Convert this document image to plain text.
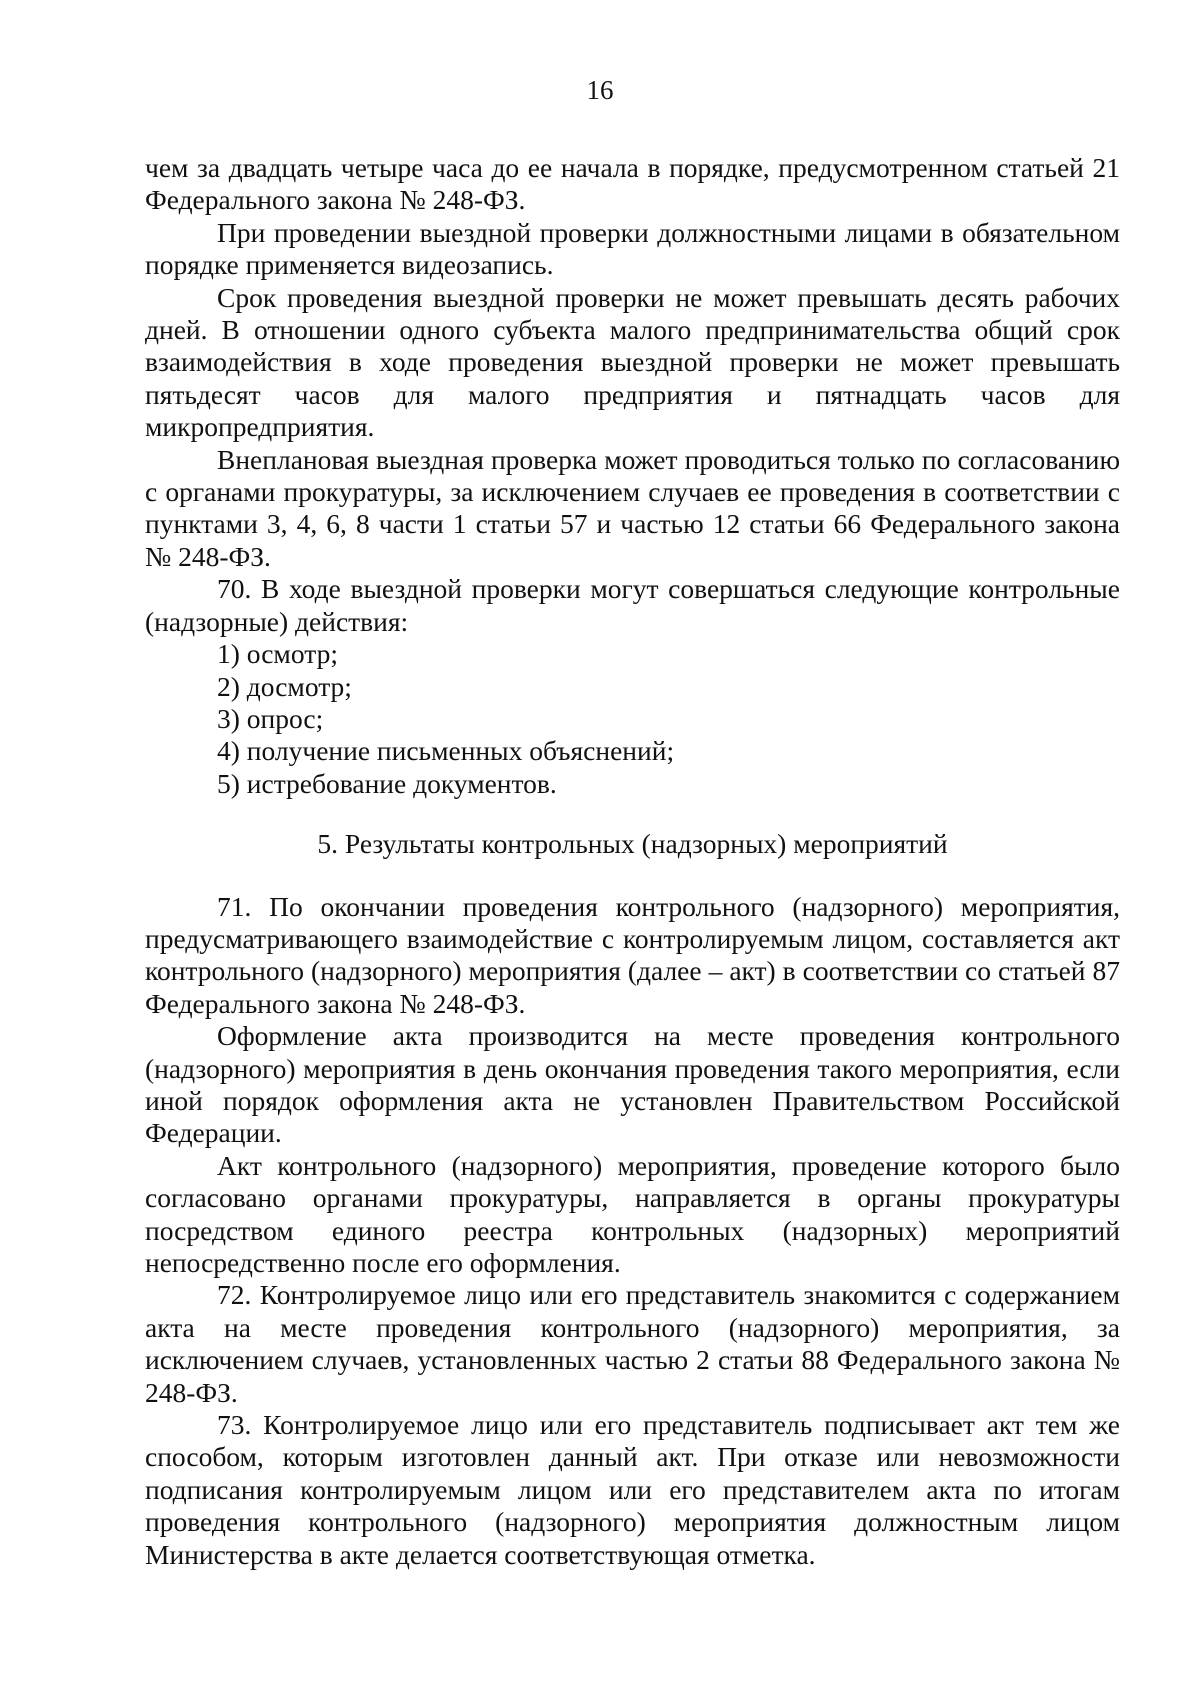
16

чем за двадцать четыре часа до ее начала в порядке, предусмотренном статьей 21 Федерального закона № 248-ФЗ.

При проведении выездной проверки должностными лицами в обязательном порядке применяется видеозапись.

Срок проведения выездной проверки не может превышать десять рабочих дней. В отношении одного субъекта малого предпринимательства общий срок взаимодействия в ходе проведения выездной проверки не может превышать пятьдесят часов для малого предприятия и пятнадцать часов для микропредприятия.

Внеплановая выездная проверка может проводиться только по согласованию с органами прокуратуры, за исключением случаев ее проведения в соответствии с пунктами 3, 4, 6, 8 части 1 статьи 57 и частью 12 статьи 66 Федерального закона № 248-ФЗ.

70. В ходе выездной проверки могут совершаться следующие контрольные (надзорные) действия:

1) осмотр;

2) досмотр;

3) опрос;

4) получение письменных объяснений;

5) истребование документов.

5. Результаты контрольных (надзорных) мероприятий

71. По окончании проведения контрольного (надзорного) мероприятия, предусматривающего взаимодействие с контролируемым лицом, составляется акт контрольного (надзорного) мероприятия (далее – акт) в соответствии со статьей 87 Федерального закона № 248-ФЗ.

Оформление акта производится на месте проведения контрольного (надзорного) мероприятия в день окончания проведения такого мероприятия, если иной порядок оформления акта не установлен Правительством Российской Федерации.

Акт контрольного (надзорного) мероприятия, проведение которого было согласовано органами прокуратуры, направляется в органы прокуратуры посредством единого реестра контрольных (надзорных) мероприятий непосредственно после его оформления.

72. Контролируемое лицо или его представитель знакомится с содержанием акта на месте проведения контрольного (надзорного) мероприятия, за исключением случаев, установленных частью 2 статьи 88 Федерального закона № 248-ФЗ.

73. Контролируемое лицо или его представитель подписывает акт тем же способом, которым изготовлен данный акт. При отказе или невозможности подписания контролируемым лицом или его представителем акта по итогам проведения контрольного (надзорного) мероприятия должностным лицом Министерства в акте делается соответствующая отметка.
